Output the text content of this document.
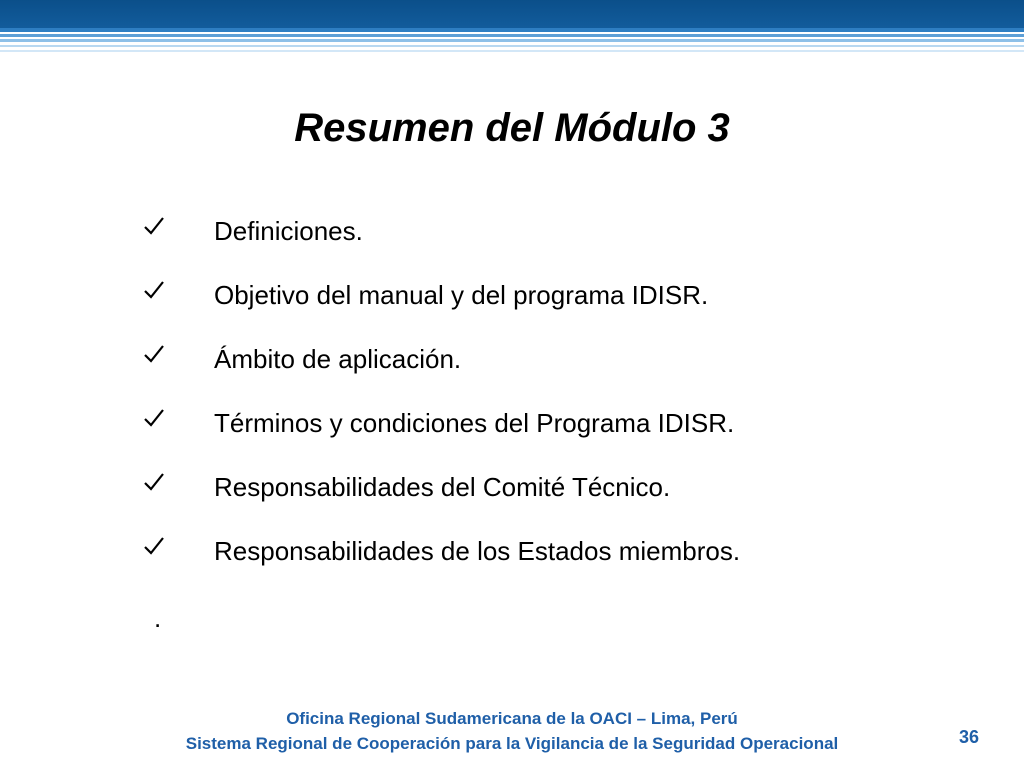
Resumen del Módulo 3
Definiciones.
Objetivo del manual y del programa IDISR.
Ámbito de aplicación.
Términos y condiciones del Programa IDISR.
Responsabilidades del Comité Técnico.
Responsabilidades de los Estados miembros.
.
Oficina Regional Sudamericana de la OACI – Lima, Perú
Sistema Regional de Cooperación para la Vigilancia de la Seguridad Operacional	36
